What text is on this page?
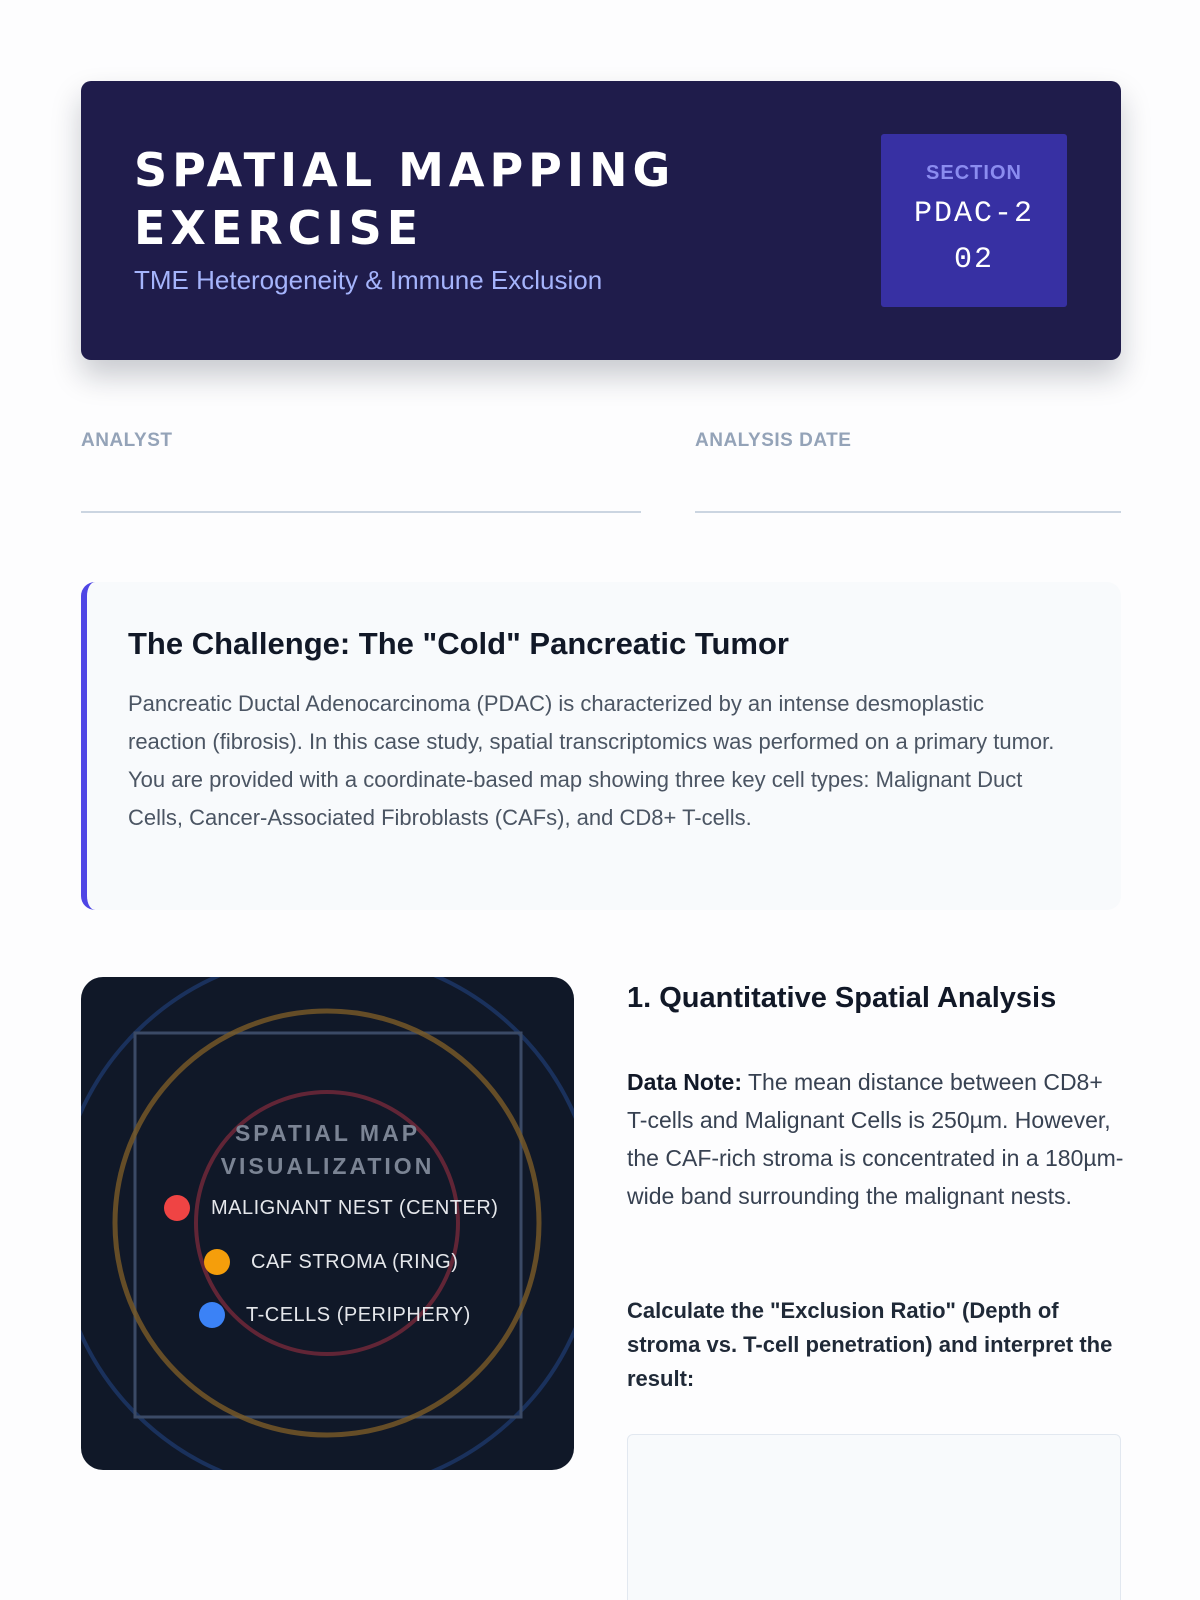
SPATIAL MAPPING EXERCISE
TME Heterogeneity & Immune Exclusion
SECTION
PDAC-202
ANALYST	ANALYSIS DATE
The Challenge: The "Cold" Pancreatic Tumor

Pancreatic Ductal Adenocarcinoma (PDAC) is characterized by an intense desmoplastic reaction (fibrosis). In this case study, spatial transcriptomics was performed on a primary tumor. You are provided with a coordinate-based map showing three key cell types: Malignant Duct Cells, Cancer-Associated Fibroblasts (CAFs), and CD8+ T-cells.

SPATIAL MAP
VISUALIZATION
MALIGNANT NEST (CENTER)
CAF STROMA (RING)
T-CELLS (PERIPHERY)
1. Quantitative Spatial Analysis
Data Note: The mean distance between CD8+ T-cells and Malignant Cells is 250µm. However, the CAF-rich stroma is concentrated in a 180µm-wide band surrounding the malignant nests.
Calculate the "Exclusion Ratio" (Depth of stroma vs. T-cell penetration) and interpret the result:
